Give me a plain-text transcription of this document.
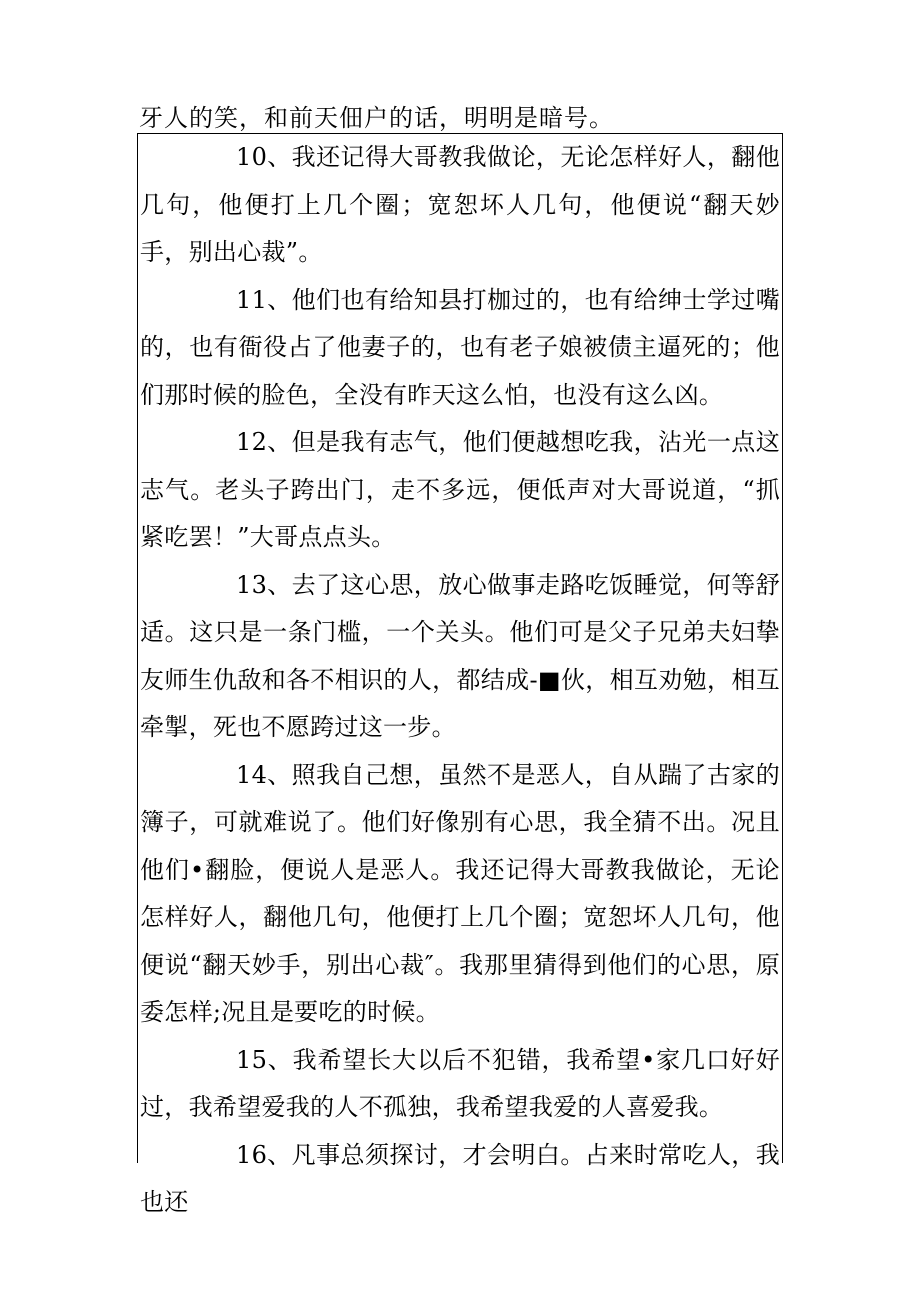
牙人的笑，和前天佃户的话，明明是暗号。

10、我还记得大哥教我做论，无论怎样好人，翻他几句，他便打上几个圈；宽恕坏人几句，他便说“翻天妙手，别出心裁”。

11、他们也有给知县打枷过的，也有给绅士学过嘴的，也有衙役占了他妻子的，也有老子娘被债主逼死的；他们那时候的脸色，全没有昨天这么怕，也没有这么凶。

12、但是我有志气，他们便越想吃我，沾光一点这志气。老头子跨出门，走不多远，便低声对大哥说道，“抓紧吃罢！”大哥点点头。

13、去了这心思，放心做事走路吃饭睡觉，何等舒适。这只是一条门槛，一个关头。他们可是父子兄弟夫妇挚友师生仇敌和各不相识的人，都结成-■伙，相互劝勉，相互牵掣，死也不愿跨过这一步。

14、照我自己想，虽然不是恶人，自从踹了古家的簿子，可就难说了。他们好像别有心思，我全猜不出。况且他们•翻脸，便说人是恶人。我还记得大哥教我做论，无论怎样好人，翻他几句，他便打上几个圈；宽恕坏人几句，他便说“翻天妙手，别出心裁″。我那里猜得到他们的心思，原委怎样;况且是要吃的时候。

15、我希望长大以后不犯错，我希望•家几口好好过，我希望爱我的人不孤独，我希望我爱的人喜爱我。

16、凡事总须探讨，才会明白。占来时常吃人，我也还
